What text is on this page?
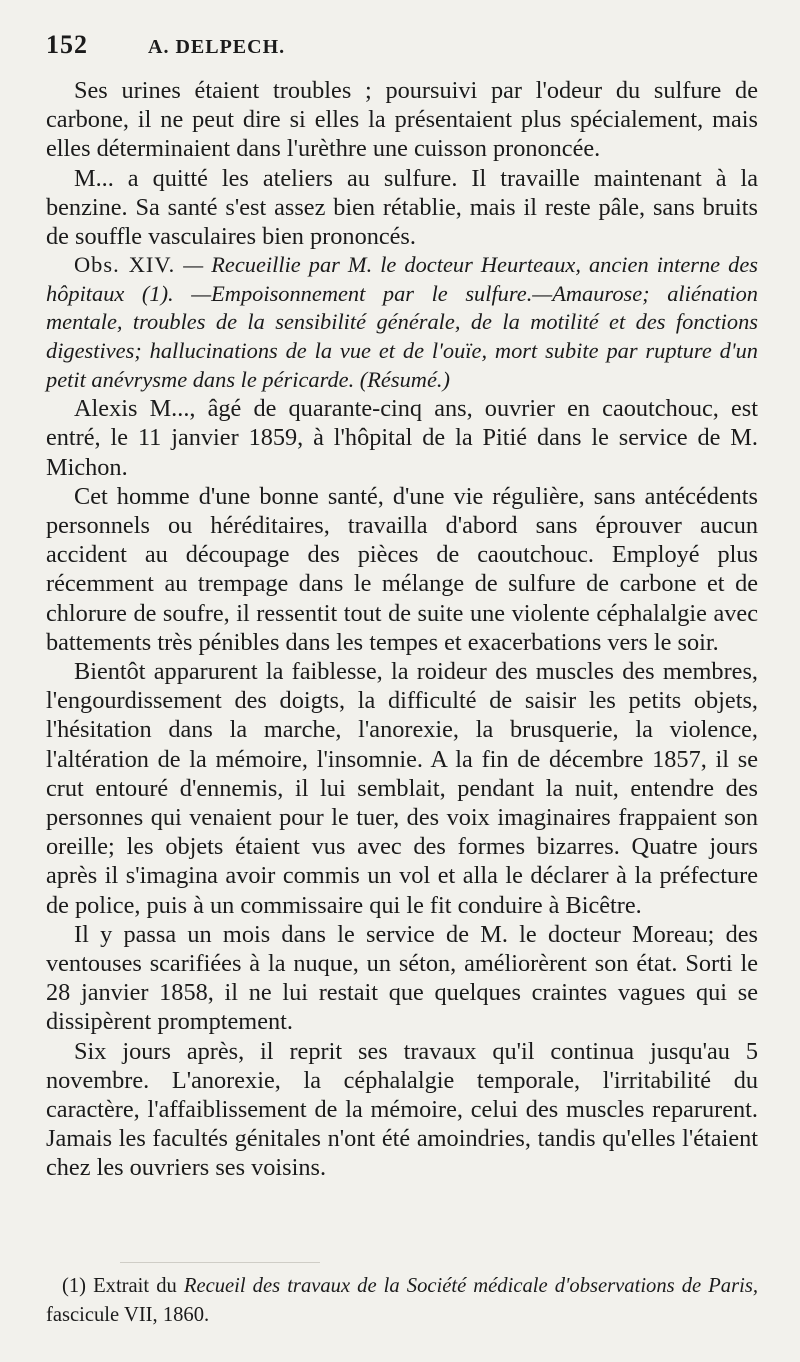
152	A. DELPECH.

Ses urines étaient troubles ; poursuivi par l'odeur du sulfure de carbone, il ne peut dire si elles la présentaient plus spécialement, mais elles déterminaient dans l'urèthre une cuisson prononcée.

M... a quitté les ateliers au sulfure. Il travaille maintenant à la benzine. Sa santé s'est assez bien rétablie, mais il reste pâle, sans bruits de souffle vasculaires bien prononcés.

Obs. XIV. — Recueillie par M. le docteur Heurteaux, ancien interne des hôpitaux (1). —Empoisonnement par le sulfure.—Amaurose; aliénation mentale, troubles de la sensibilité générale, de la motilité et des fonctions digestives; hallucinations de la vue et de l'ouïe, mort subite par rupture d'un petit anévrysme dans le péricarde. (Résumé.)

Alexis M..., âgé de quarante-cinq ans, ouvrier en caoutchouc, est entré, le 11 janvier 1859, à l'hôpital de la Pitié dans le service de M. Michon.

Cet homme d'une bonne santé, d'une vie régulière, sans antécédents personnels ou héréditaires, travailla d'abord sans éprouver aucun accident au découpage des pièces de caoutchouc. Employé plus récemment au trempage dans le mélange de sulfure de carbone et de chlorure de soufre, il ressentit tout de suite une violente céphalalgie avec battements très pénibles dans les tempes et exacerbations vers le soir.

Bientôt apparurent la faiblesse, la roideur des muscles des membres, l'engourdissement des doigts, la difficulté de saisir les petits objets, l'hésitation dans la marche, l'anorexie, la brusquerie, la violence, l'altération de la mémoire, l'insomnie. A la fin de décembre 1857, il se crut entouré d'ennemis, il lui semblait, pendant la nuit, entendre des personnes qui venaient pour le tuer, des voix imaginaires frappaient son oreille; les objets étaient vus avec des formes bizarres. Quatre jours après il s'imagina avoir commis un vol et alla le déclarer à la préfecture de police, puis à un commissaire qui le fit conduire à Bicêtre.

Il y passa un mois dans le service de M. le docteur Moreau; des ventouses scarifiées à la nuque, un séton, améliorèrent son état. Sorti le 28 janvier 1858, il ne lui restait que quelques craintes vagues qui se dissipèrent promptement.

Six jours après, il reprit ses travaux qu'il continua jusqu'au 5 novembre. L'anorexie, la céphalalgie temporale, l'irritabilité du caractère, l'affaiblissement de la mémoire, celui des muscles reparurent. Jamais les facultés génitales n'ont été amoindries, tandis qu'elles l'étaient chez les ouvriers ses voisins.

(1) Extrait du Recueil des travaux de la Société médicale d'observations de Paris, fascicule VII, 1860.
